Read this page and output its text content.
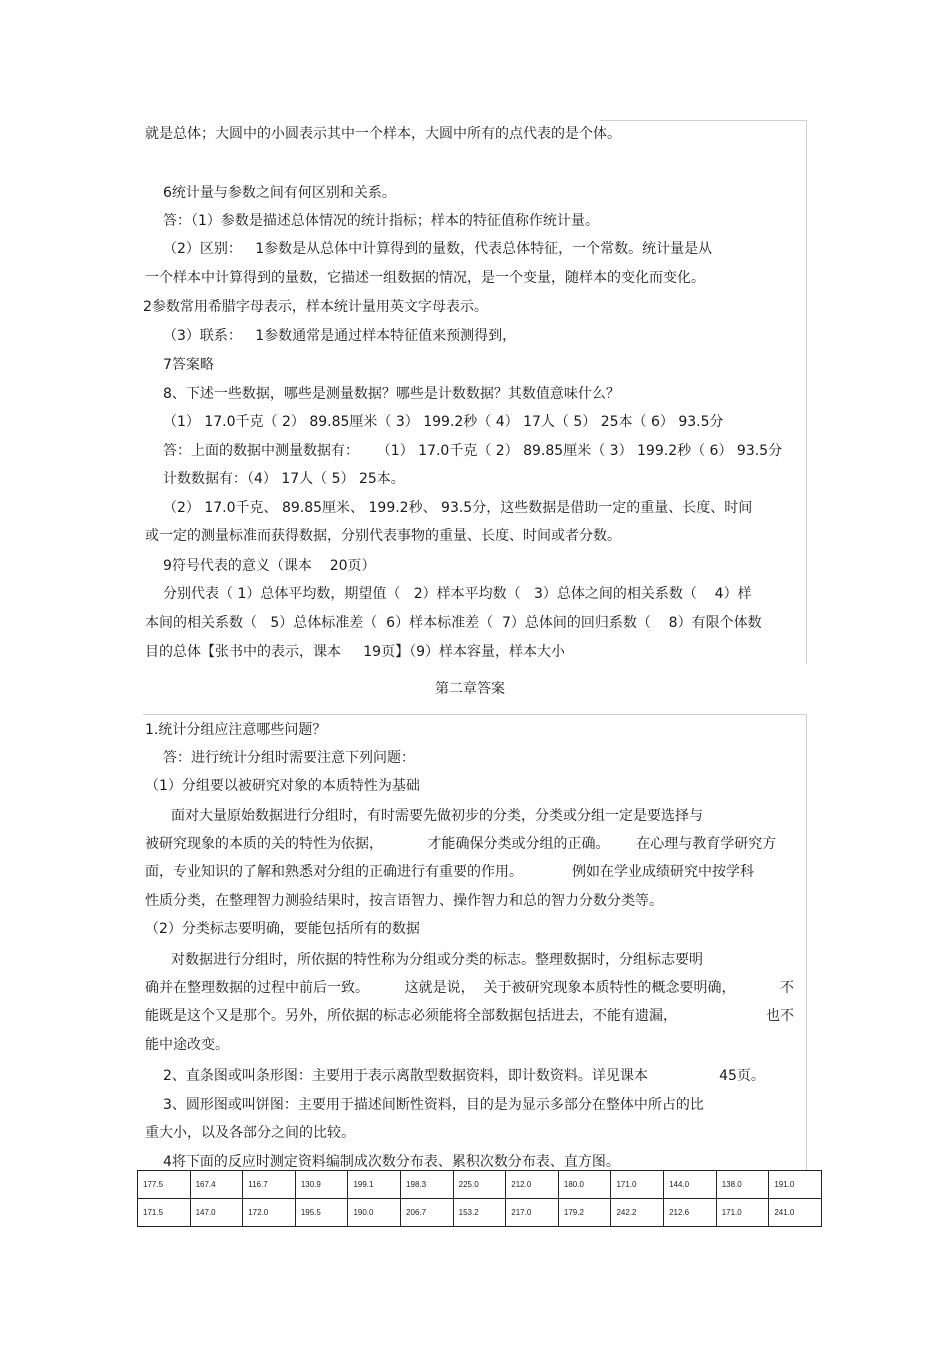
就是总体；大圆中的小圆表示其中一个样本，大圆中所有的点代表的是个体。
6统计量与参数之间有何区别和关系。
答：（1）参数是描述总体情况的统计指标；样本的特征值称作统计量。
（2）区别：   1参数是从总体中计算得到的量数，代表总体特征，一个常数。统计量是从
一个样本中计算得到的量数，它描述一组数据的情况，是一个变量，随样本的变化而变化。
2参数常用希腊字母表示，样本统计量用英文字母表示。
（3）联系：   1参数通常是通过样本特征值来预测得到，
7答案略
8、下述一些数据，哪些是测量数据？哪些是计数数据？其数值意味什么？
（1） 17.0千克（ 2） 89.85厘米（ 3） 199.2秒（ 4） 17人（ 5） 25本（ 6） 93.5分
答：上面的数据中测量数据有：    （1） 17.0千克（ 2） 89.85厘米（ 3） 199.2秒（ 6） 93.5分
计数数据有：（4） 17人（ 5） 25本。
（2） 17.0千克、 89.85厘米、 199.2秒、 93.5分，这些数据是借助一定的重量、长度、时间
或一定的测量标准而获得数据，分别代表事物的重量、长度、时间或者分数。
9符号代表的意义（课本    20页）
分别代表（ 1）总体平均数，期望值（   2）样本平均数（   3）总体之间的相关系数（    4）样
本间的相关系数（   5）总体标准差（  6）样本标准差（  7）总体间的回归系数（    8）有限个体数
目的总体【张书中的表示，课本     19页】（9）样本容量，样本大小
第二章答案
1.统计分组应注意哪些问题？
答：进行统计分组时需要注意下列问题：
（1）分组要以被研究对象的本质特性为基础
面对大量原始数据进行分组时，有时需要先做初步的分类，分类或分组一定是要选择与
被研究现象的本质的关的特性为依据，          才能确保分类或分组的正确。      在心理与教育学研究方
面，专业知识的了解和熟悉对分组的正确进行有重要的作用。           例如在学业成绩研究中按学科
性质分类，在整理智力测验结果时，按言语智力、操作智力和总的智力分数分类等。
（2）分类标志要明确，要能包括所有的数据
对数据进行分组时，所依据的特性称为分组或分类的标志。整理数据时，分组标志要明
确并在整理数据的过程中前后一致。        这就是说，  关于被研究现象本质特性的概念要明确，          不
能既是这个又是那个。另外，所依据的标志必须能将全部数据包括进去，不能有遗漏，                    也不
能中途改变。
2、直条图或叫条形图：主要用于表示离散型数据资料，即计数资料。详见课本                45页。
3、圆形图或叫饼图：主要用于描述间断性资料，目的是为显示多部分在整体中所占的比
重大小，以及各部分之间的比较。
4将下面的反应时测定资料编制成次数分布表、累积次数分布表、直方图。
177.5	167.4	116.7	130.9	199.1	198.3	225.0	212.0	180.0	171.0	144.0	138.0	191.0
171.5	147.0	172.0	195.5	190.0	206.7	153.2	217.0	179.2	242.2	212.6	171.0	241.0
